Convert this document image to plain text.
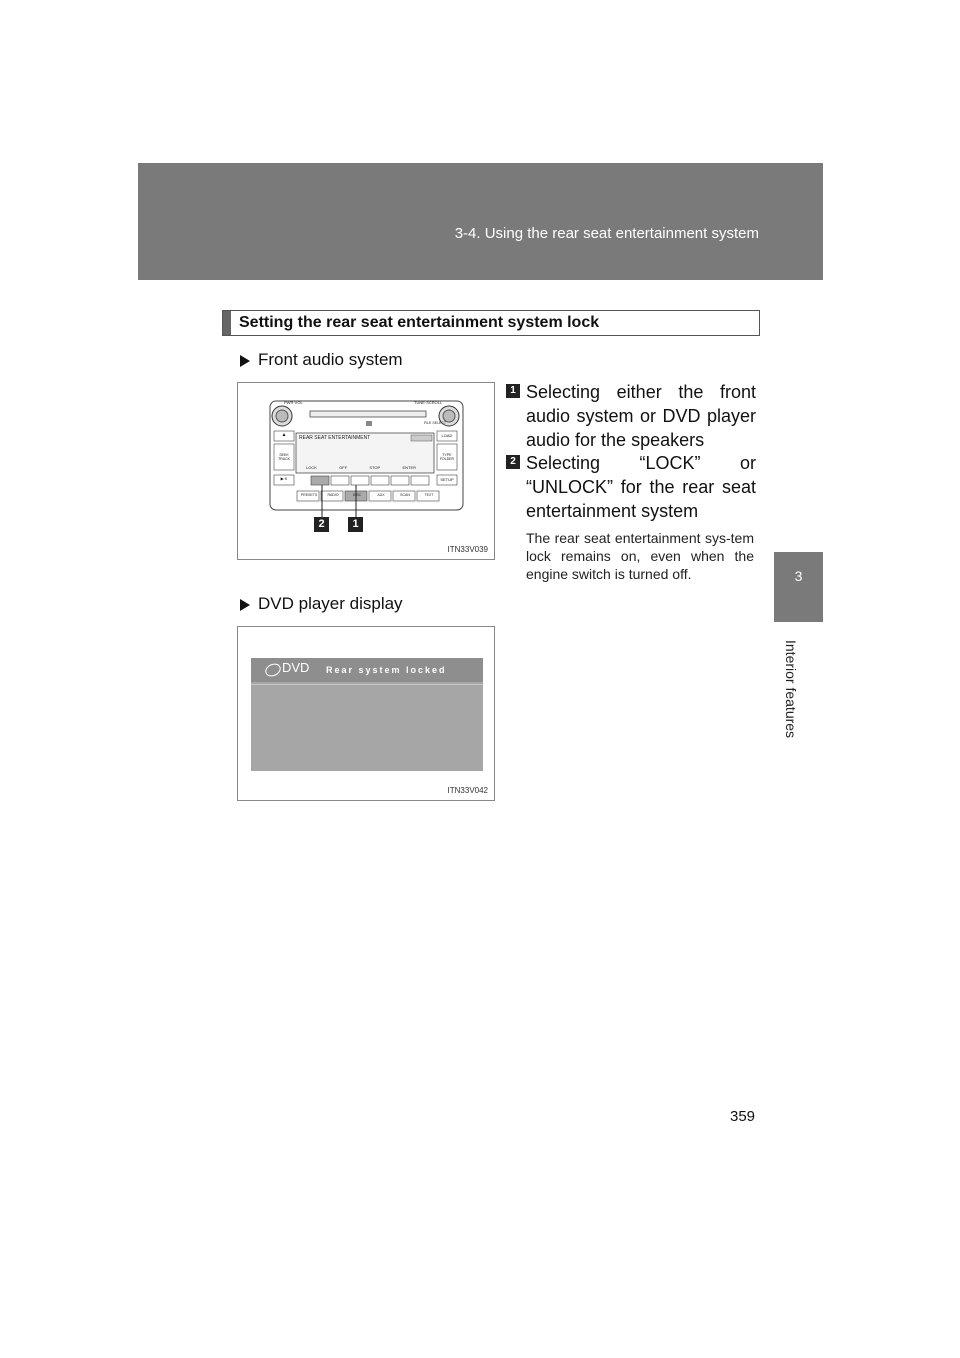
3-4. Using the rear seat entertainment system
3
Interior features
Setting the rear seat entertainment system lock
Front audio system
PWR·VOL	TUNE·SCROLL
FILE SELECT
REAR SEAT ENTERTAINMENT
LOCK	OFF	STOP	ENTER
▲
SEEK TRACK
▶·II
LOAD
TYPE FOLDER
SETUP
PRESETS	RADIO	DISC	AUX	SCAN	TEXT
2	1
ITN33V039
1 Selecting either the front audio system or DVD player audio for the speakers
2 Selecting “LOCK” or “UNLOCK” for the rear seat entertainment system
The rear seat entertainment sys-tem lock remains on, even when the engine switch is turned off.
DVD player display
DVD Rear system locked
ITN33V042
359
